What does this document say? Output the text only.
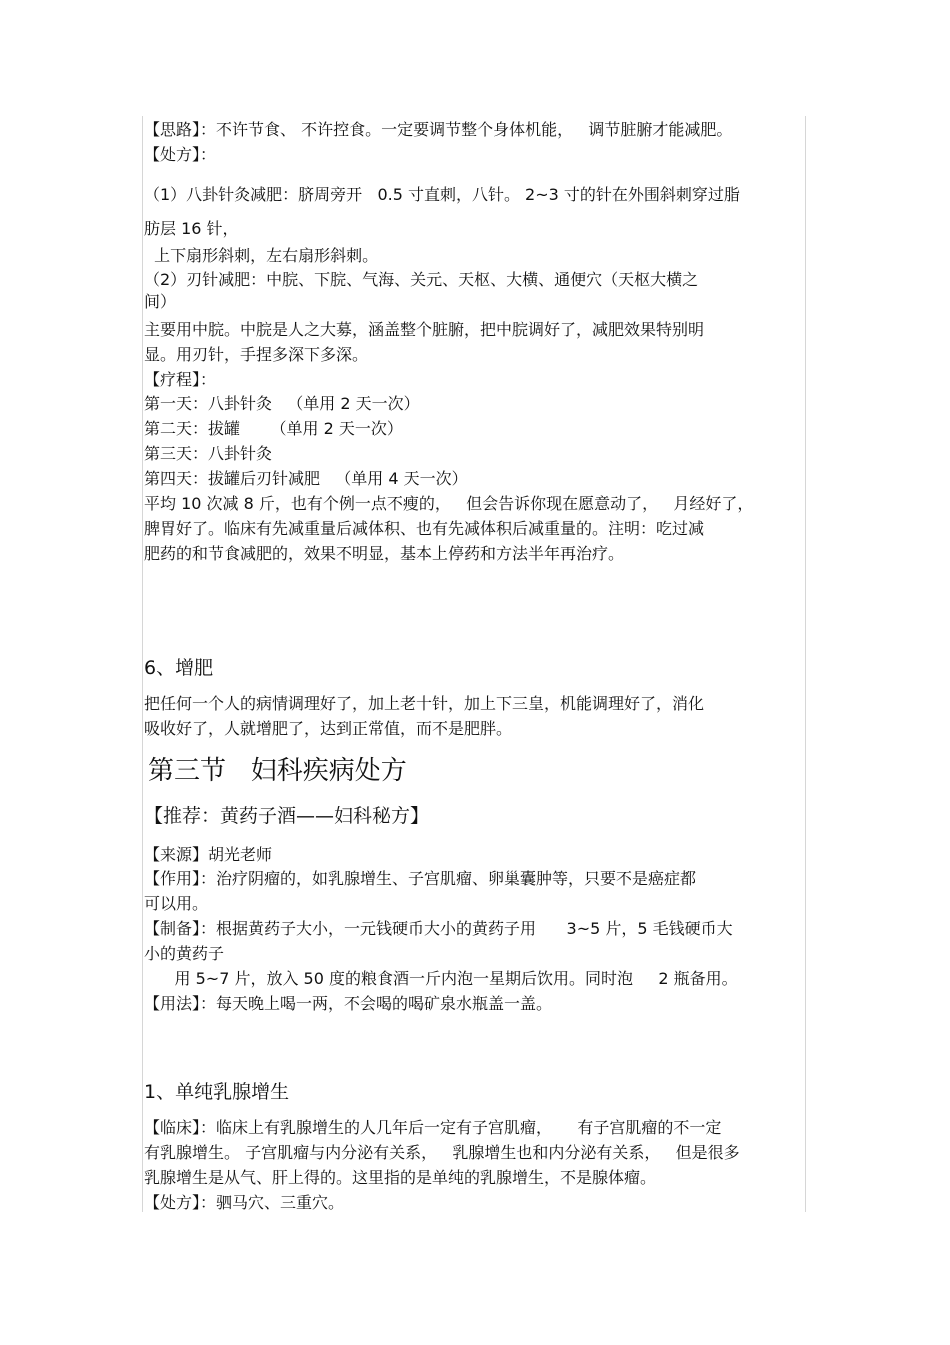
【思路】：不许节食、 不许控食。一定要调节整个身体机能，   调节脏腑才能减肥。

【处方】：

（1）八卦针灸减肥：脐周旁开   0.5 寸直刺，八针。 2~3 寸的针在外围斜刺穿过脂

肪层 16 针，

上下扇形斜刺，左右扇形斜刺。

（2）刃针减肥：中脘、下脘、气海、关元、天枢、大横、通便穴（天枢大横之

间）

主要用中脘。中脘是人之大募，涵盖整个脏腑，把中脘调好了，减肥效果特别明

显。用刃针，手捏多深下多深。

【疗程】：

第一天：八卦针灸   （单用 2 天一次）

第二天：拔罐      （单用 2 天一次）

第三天：八卦针灸

第四天：拔罐后刃针减肥   （单用 4 天一次）

平均 10 次减 8 斤，也有个例一点不瘦的，   但会告诉你现在愿意动了，   月经好了，

脾胃好了。临床有先减重量后减体积、也有先减体积后减重量的。注明：吃过减

肥药的和节食减肥的，效果不明显，基本上停药和方法半年再治疗。

6、增肥

把任何一个人的病情调理好了，加上老十针，加上下三皇，机能调理好了，消化

吸收好了，人就增肥了，达到正常值，而不是肥胖。

第三节   妇科疾病处方

【推荐：黄药子酒——妇科秘方】

【来源】胡光老师

【作用】：治疗阴瘤的，如乳腺增生、子宫肌瘤、卵巢囊肿等，只要不是癌症都

可以用。

【制备】：根据黄药子大小，一元钱硬币大小的黄药子用      3~5 片，5 毛钱硬币大

小的黄药子

用 5~7 片，放入 50 度的粮食酒一斤内泡一星期后饮用。同时泡     2 瓶备用。

【用法】：每天晚上喝一两，不会喝的喝矿泉水瓶盖一盖。

1、单纯乳腺增生

【临床】：临床上有乳腺增生的人几年后一定有子宫肌瘤，     有子宫肌瘤的不一定

有乳腺增生。 子宫肌瘤与内分泌有关系，   乳腺增生也和内分泌有关系，   但是很多

乳腺增生是从气、肝上得的。这里指的是单纯的乳腺增生，不是腺体瘤。

【处方】：驷马穴、三重穴。
